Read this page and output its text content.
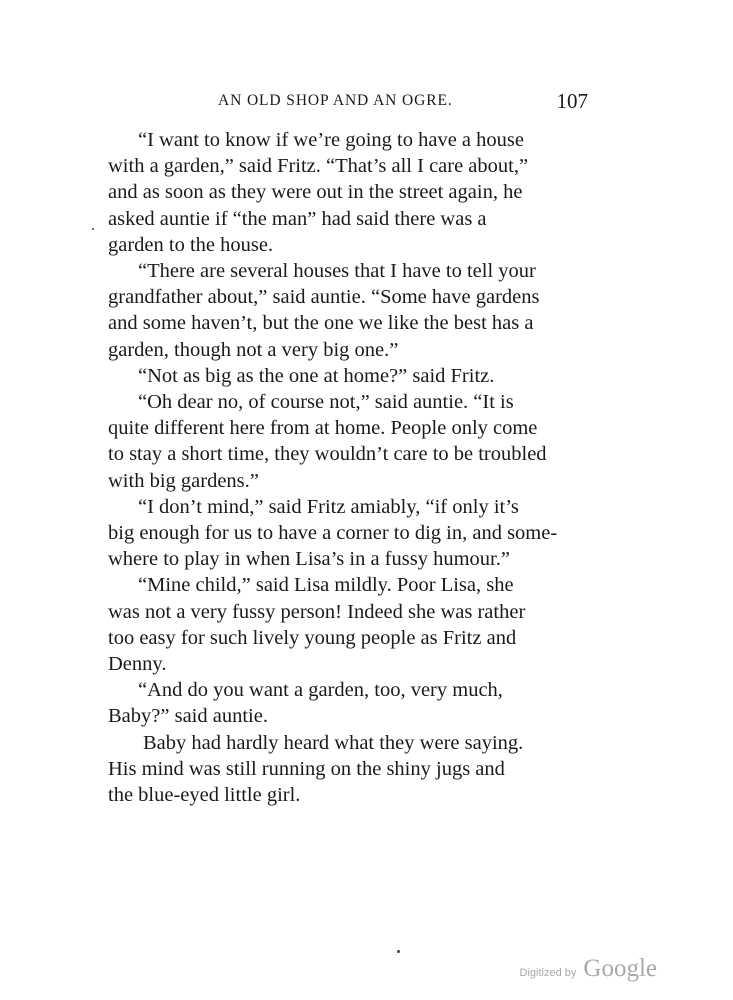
AN OLD SHOP AND AN OGRE.	107

“I want to know if we’re going to have a house
with a garden,” said Fritz. “That’s all I care about,”
and as soon as they were out in the street again, he
asked auntie if “the man” had said there was a
garden to the house.

“There are several houses that I have to tell your
grandfather about,” said auntie. “Some have gardens
and some haven’t, but the one we like the best has a
garden, though not a very big one.”

“Not as big as the one at home?” said Fritz.

“Oh dear no, of course not,” said auntie. “It is
quite different here from at home. People only come
to stay a short time, they wouldn’t care to be troubled
with big gardens.”

“I don’t mind,” said Fritz amiably, “if only it’s
big enough for us to have a corner to dig in, and some-
where to play in when Lisa’s in a fussy humour.”

“Mine child,” said Lisa mildly. Poor Lisa, she
was not a very fussy person! Indeed she was rather
too easy for such lively young people as Fritz and
Denny.

“And do you want a garden, too, very much,
Baby?” said auntie.

Baby had hardly heard what they were saying.
His mind was still running on the shiny jugs and
the blue-eyed little girl.

Digitized by Google
